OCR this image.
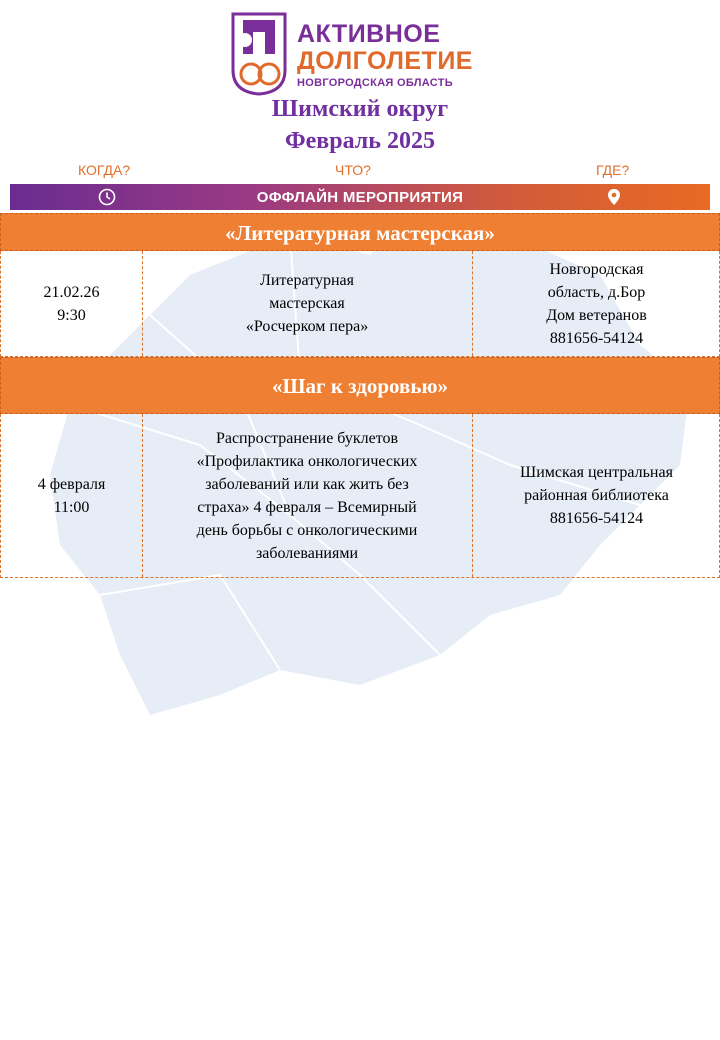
АКТИВНОЕ
ДОЛГОЛЕТИЕ
НОВГОРОДСКАЯ ОБЛАСТЬ
Шимский округ
Февраль 2025
КОГДА?	ЧТО?	ГДЕ?
ОФФЛАЙН МЕРОПРИЯТИЯ
«Литературная мастерская»
21.02.26
9:30
Литературная
мастерская
«Росчерком пера»
Новгородская
область, д.Бор
Дом ветеранов
881656-54124
«Шаг к здоровью»
4 февраля
11:00
Распространение буклетов
«Профилактика онкологических
заболеваний или как жить без
страха» 4 февраля – Всемирный
день борьбы с онкологическими
заболеваниями
Шимская центральная
районная библиотека
881656-54124
